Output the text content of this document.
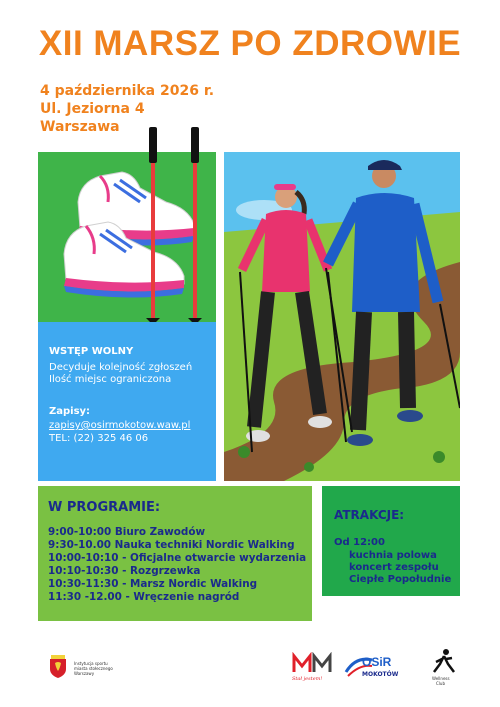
XII MARSZ PO ZDROWIE
4 października 2026 r.
Ul. Jeziorna 4
Warszawa
WSTĘP WOLNY
Decyduje kolejność zgłoszeń
Ilość miejsc ograniczona
Zapisy:
zapisy@osirmokotow.waw.pl
TEL: (22) 325 46 06
W PROGRAMIE:
9:00-10:00 Biuro Zawodów
9:30-10.00 Nauka techniki Nordic Walking
10:00-10:10 - Oficjalne otwarcie wydarzenia
10:10-10:30 - Rozgrzewka
10:30-11:30 - Marsz Nordic Walking
11:30 -12.00 - Wręczenie nagród
ATRAKCJE:
Od 12:00
kuchnia polowa
koncert zespołu
Ciepłe Popołudnie
Instytucja sportu
miasta stołecznego
Warszawy
Stał jestem!
OSiR
MOKOTÓW
Wellness
Club
